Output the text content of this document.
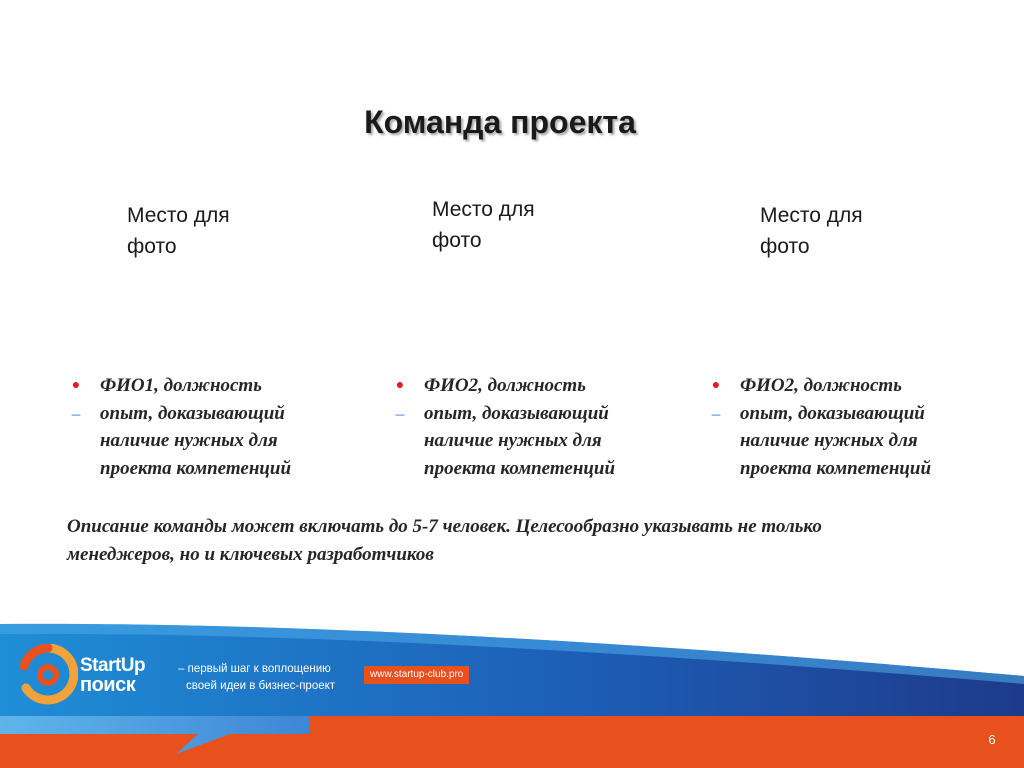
Команда проекта
Место для
фото
Место для
фото
Место для
фото
● ФИО1, должность
– опыт, доказывающий
наличие нужных для
проекта компетенций
● ФИО2, должность
– опыт, доказывающий
наличие нужных для
проекта компетенций
● ФИО2, должность
– опыт, доказывающий
наличие нужных для
проекта компетенций
Описание команды может включать до 5-7 человек. Целесообразно указывать не только
менеджеров, но и ключевых разработчиков
StartUp
поиск
– первый шаг к воплощению
своей идеи в бизнес-проект
www.startup-club.pro
6
